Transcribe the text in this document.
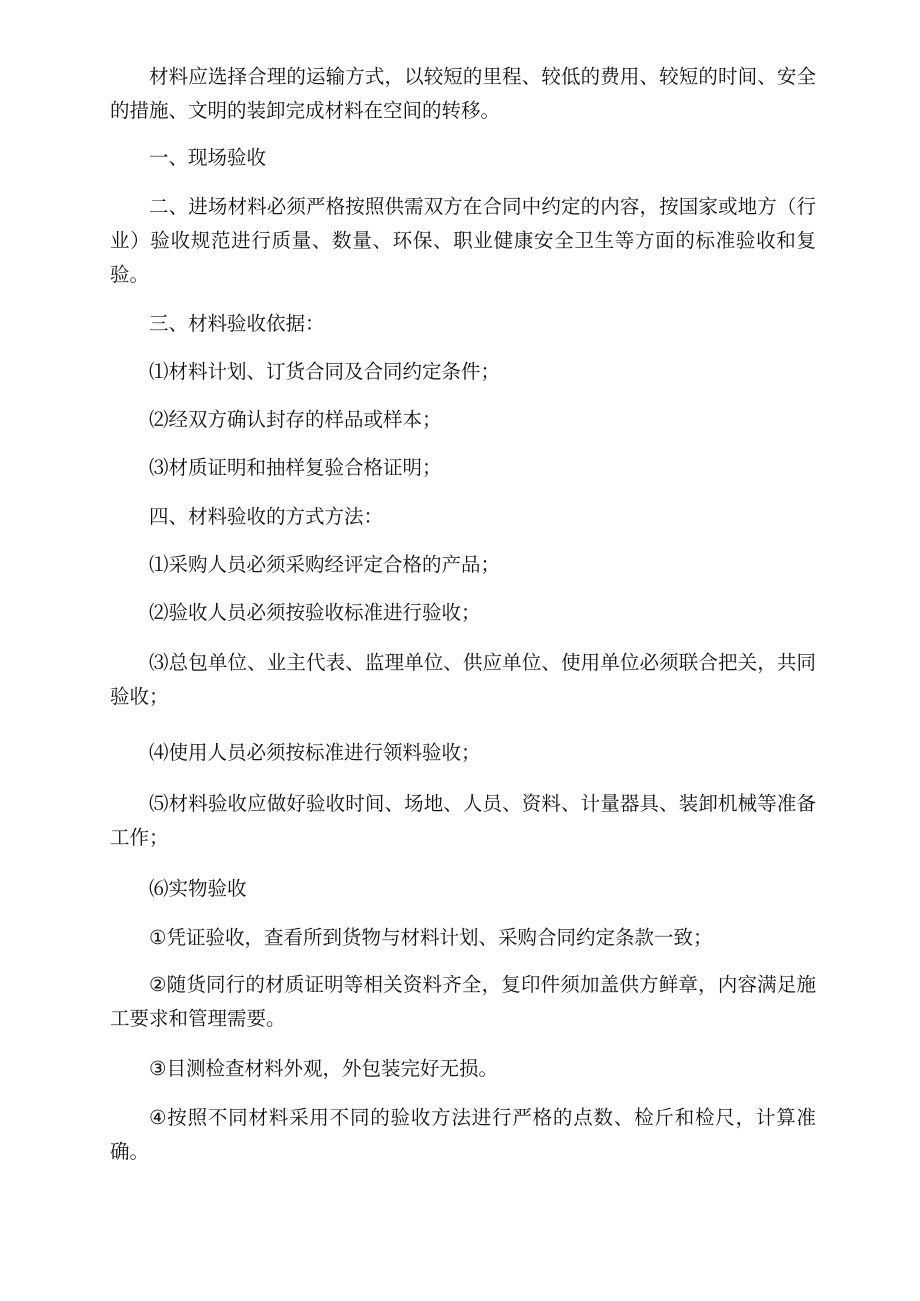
材料应选择合理的运输方式，以较短的里程、较低的费用、较短的时间、安全的措施、文明的装卸完成材料在空间的转移。

一、现场验收

二、进场材料必须严格按照供需双方在合同中约定的内容，按国家或地方（行业）验收规范进行质量、数量、环保、职业健康安全卫生等方面的标准验收和复验。

三、材料验收依据：

⑴材料计划、订货合同及合同约定条件；

⑵经双方确认封存的样品或样本；

⑶材质证明和抽样复验合格证明；

四、材料验收的方式方法：

⑴采购人员必须采购经评定合格的产品；

⑵验收人员必须按验收标准进行验收；

⑶总包单位、业主代表、监理单位、供应单位、使用单位必须联合把关，共同验收；

⑷使用人员必须按标准进行领料验收；

⑸材料验收应做好验收时间、场地、人员、资料、计量器具、装卸机械等准备工作；

⑹实物验收

①凭证验收，查看所到货物与材料计划、采购合同约定条款一致；

②随货同行的材质证明等相关资料齐全，复印件须加盖供方鲜章，内容满足施工要求和管理需要。

③目测检查材料外观，外包装完好无损。

④按照不同材料采用不同的验收方法进行严格的点数、检斤和检尺，计算准确。
